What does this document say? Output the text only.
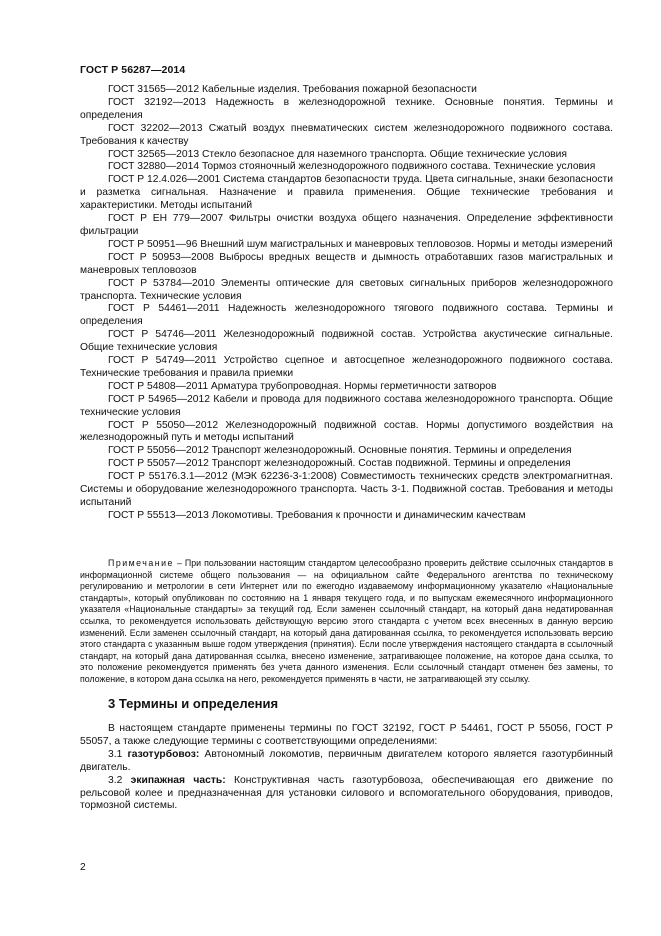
ГОСТ Р 56287—2014

ГОСТ 31565—2012 Кабельные изделия. Требования пожарной безопасности

ГОСТ 32192—2013 Надежность в железнодорожной технике. Основные понятия. Термины и определения

ГОСТ 32202—2013 Сжатый воздух пневматических систем железнодорожного подвижного состава. Требования к качеству

ГОСТ 32565—2013 Стекло безопасное для наземного транспорта. Общие технические условия

ГОСТ 32880—2014 Тормоз стояночный железнодорожного подвижного состава. Технические условия

ГОСТ Р 12.4.026—2001 Система стандартов безопасности труда. Цвета сигнальные, знаки безопасности и разметка сигнальная. Назначение и правила применения. Общие технические требования и характеристики. Методы испытаний

ГОСТ Р ЕН 779—2007 Фильтры очистки воздуха общего назначения. Определение эффективности фильтрации

ГОСТ Р 50951—96 Внешний шум магистральных и маневровых тепловозов. Нормы и методы измерений

ГОСТ Р 50953—2008 Выбросы вредных веществ и дымность отработавших газов магистральных и маневровых тепловозов

ГОСТ Р 53784—2010 Элементы оптические для световых сигнальных приборов железнодорожного транспорта. Технические условия

ГОСТ Р 54461—2011 Надежность железнодорожного тягового подвижного состава. Термины и определения

ГОСТ Р 54746—2011 Железнодорожный подвижной состав. Устройства акустические сигнальные. Общие технические условия

ГОСТ Р 54749—2011 Устройство сцепное и автосцепное железнодорожного подвижного состава. Технические требования и правила приемки

ГОСТ Р 54808—2011 Арматура трубопроводная. Нормы герметичности затворов

ГОСТ Р 54965—2012 Кабели и провода для подвижного состава железнодорожного транспорта. Общие технические условия

ГОСТ Р 55050—2012 Железнодорожный подвижной состав. Нормы допустимого воздействия на железнодорожный путь и методы испытаний

ГОСТ Р 55056—2012 Транспорт железнодорожный. Основные понятия. Термины и определения

ГОСТ Р 55057—2012 Транспорт железнодорожный. Состав подвижной. Термины и определения

ГОСТ Р 55176.3.1—2012 (МЭК 62236-3-1:2008) Совместимость технических средств электромагнитная. Системы и оборудование железнодорожного транспорта. Часть 3-1. Подвижной состав. Требования и методы испытаний

ГОСТ Р 55513—2013 Локомотивы. Требования к прочности и динамическим качествам

Примечание – При пользовании настоящим стандартом целесообразно проверить действие ссылочных стандартов в информационной системе общего пользования — на официальном сайте Федерального агентства по техническому регулированию и метрологии в сети Интернет или по ежегодно издаваемому информационному указателю «Национальные стандарты», который опубликован по состоянию на 1 января текущего года, и по выпускам ежемесячного информационного указателя «Национальные стандарты» за текущий год. Если заменен ссылочный стандарт, на который дана недатированная ссылка, то рекомендуется использовать действующую версию этого стандарта с учетом всех внесенных в данную версию изменений. Если заменен ссылочный стандарт, на который дана датированная ссылка, то рекомендуется использовать версию этого стандарта с указанным выше годом утверждения (принятия). Если после утверждения настоящего стандарта в ссылочный стандарт, на который дана датированная ссылка, внесено изменение, затрагивающее положение, на которое дана ссылка, то это положение рекомендуется применять без учета данного изменения. Если ссылочный стандарт отменен без замены, то положение, в котором дана ссылка на него, рекомендуется применять в части, не затрагивающей эту ссылку.

3 Термины и определения

В настоящем стандарте применены термины по ГОСТ 32192, ГОСТ Р 54461, ГОСТ Р 55056, ГОСТ Р 55057, а также следующие термины с соответствующими определениями:

3.1 газотурбовоз: Автономный локомотив, первичным двигателем которого является газотурбинный двигатель.

3.2 экипажная часть: Конструктивная часть газотурбовоза, обеспечивающая его движение по рельсовой колее и предназначенная для установки силового и вспомогательного оборудования, приводов, тормозной системы.

2
